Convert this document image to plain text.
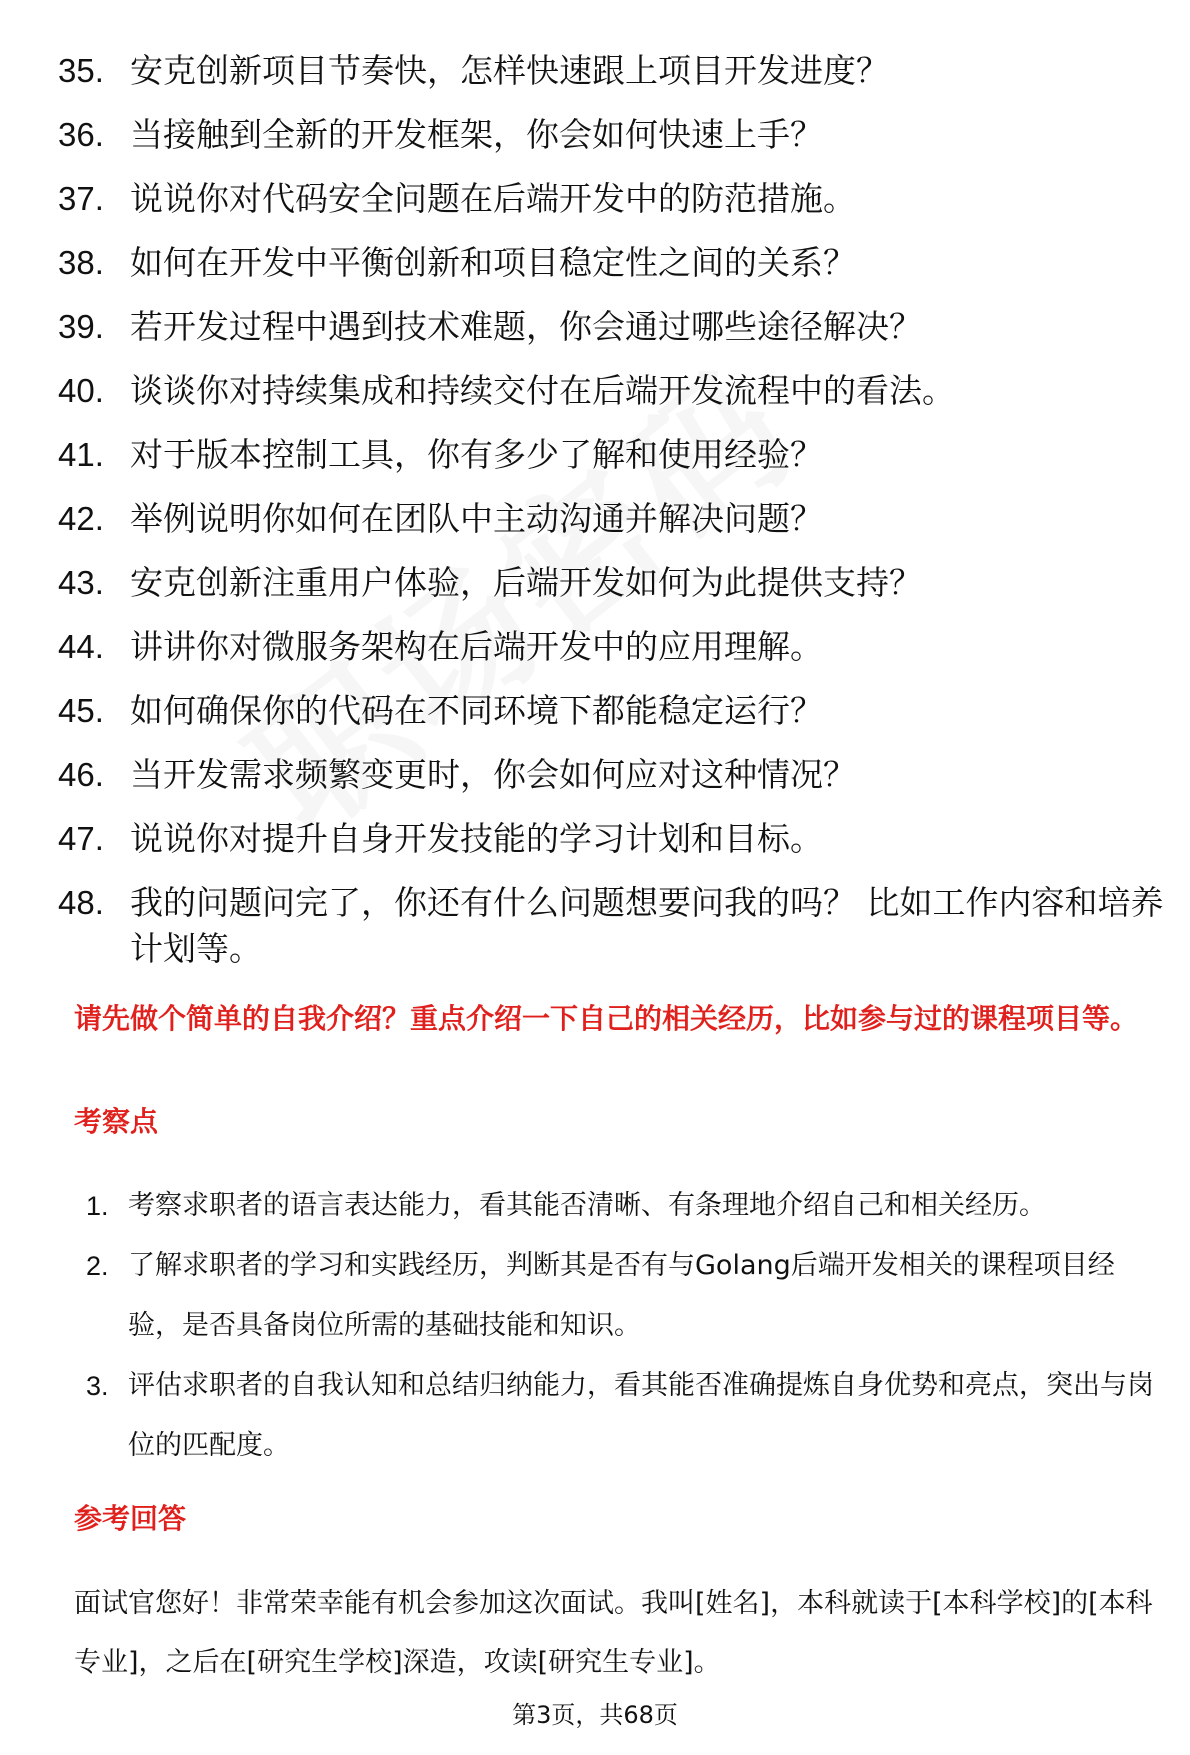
35. 安克创新项目节奏快，怎样快速跟上项目开发进度？
36. 当接触到全新的开发框架，你会如何快速上手？
37. 说说你对代码安全问题在后端开发中的防范措施。
38. 如何在开发中平衡创新和项目稳定性之间的关系？
39. 若开发过程中遇到技术难题，你会通过哪些途径解决？
40. 谈谈你对持续集成和持续交付在后端开发流程中的看法。
41. 对于版本控制工具，你有多少了解和使用经验？
42. 举例说明你如何在团队中主动沟通并解决问题？
43. 安克创新注重用户体验，后端开发如何为此提供支持？
44. 讲讲你对微服务架构在后端开发中的应用理解。
45. 如何确保你的代码在不同环境下都能稳定运行？
46. 当开发需求频繁变更时，你会如何应对这种情况？
47. 说说你对提升自身开发技能的学习计划和目标。
48. 我的问题问完了，你还有什么问题想要问我的吗？ 比如工作内容和培养计划等。
请先做个简单的自我介绍？重点介绍一下自己的相关经历，比如参与过的课程项目等。
考察点
1. 考察求职者的语言表达能力，看其能否清晰、有条理地介绍自己和相关经历。
2. 了解求职者的学习和实践经历，判断其是否有与Golang后端开发相关的课程项目经验，是否具备岗位所需的基础技能和知识。
3. 评估求职者的自我认知和总结归纳能力，看其能否准确提炼自身优势和亮点，突出与岗位的匹配度。
参考回答
面试官您好！非常荣幸能有机会参加这次面试。我叫[姓名]，本科就读于[本科学校]的[本科专业]，之后在[研究生学校]深造，攻读[研究生专业]。
第3页，共68页
